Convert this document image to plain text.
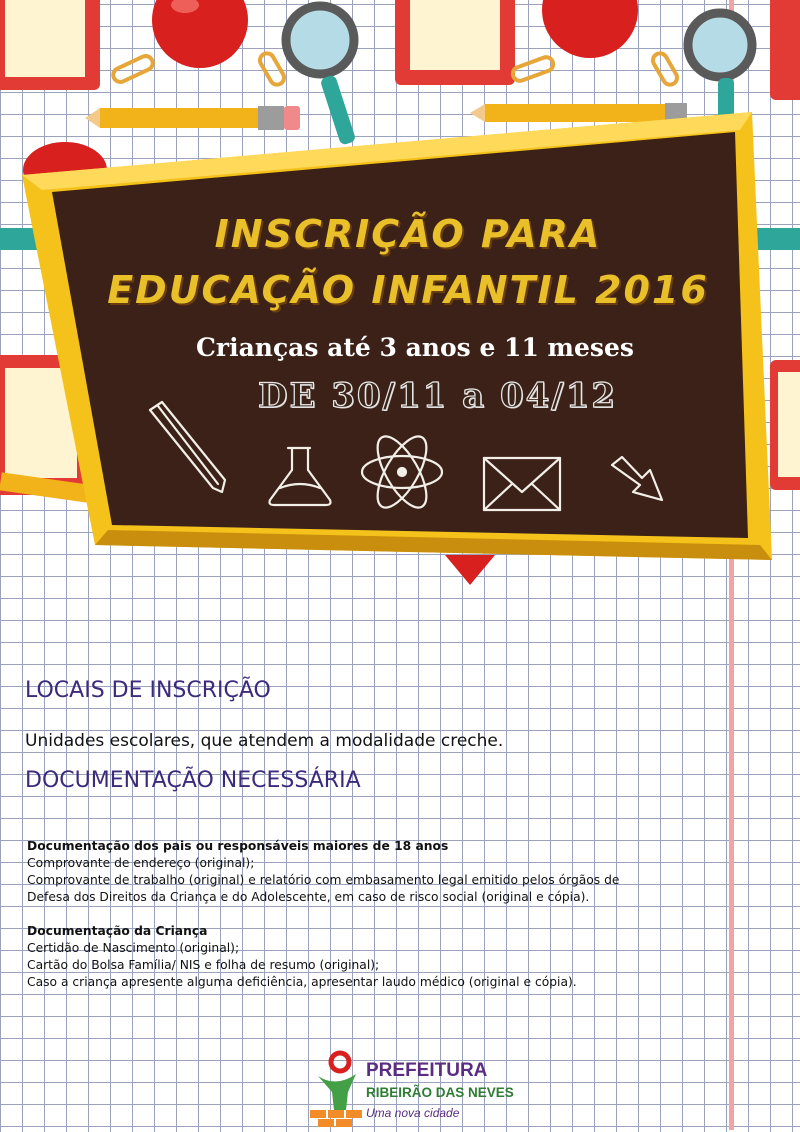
INSCRIÇÃO PARA
EDUCAÇÃO INFANTIL 2016
Crianças até 3 anos e 11 meses
DE 30/11 a 04/12
LOCAIS DE INSCRIÇÃO
Unidades escolares, que atendem a modalidade creche.
DOCUMENTAÇÃO NECESSÁRIA
Documentação dos pais ou responsáveis maiores de 18 anos
Comprovante de endereço (original);
Comprovante de trabalho (original) e relatório com embasamento legal emitido pelos órgãos de
Defesa dos Direitos da Criança e do Adolescente, em caso de risco social (original e cópia).
Documentação da Criança
Certidão de Nascimento (original);
Cartão do Bolsa Família/ NIS e folha de resumo (original);
Caso a criança apresente alguma deficiência, apresentar laudo médico (original e cópia).
PREFEITURA
RIBEIRÃO DAS NEVES
Uma nova cidade
